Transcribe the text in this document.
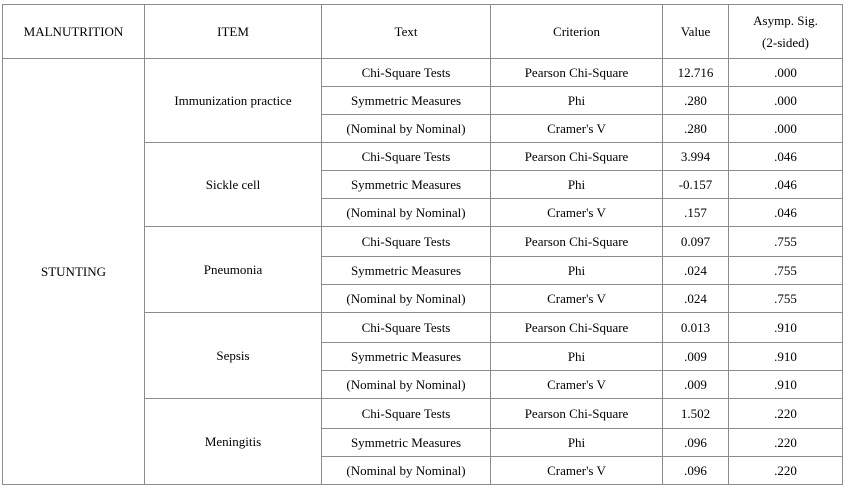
MALNUTRITION	ITEM	Text	Criterion	Value	Asymp. Sig.
(2-sided)
STUNTING	Immunization practice	Chi-Square Tests	Pearson Chi-Square	12.716	.000
		Symmetric Measures	Phi	.280	.000
		(Nominal by Nominal)	Cramer's V	.280	.000
	Sickle cell	Chi-Square Tests	Pearson Chi-Square	3.994	.046
		Symmetric Measures	Phi	-0.157	.046
		(Nominal by Nominal)	Cramer's V	.157	.046
	Pneumonia	Chi-Square Tests	Pearson Chi-Square	0.097	.755
		Symmetric Measures	Phi	.024	.755
		(Nominal by Nominal)	Cramer's V	.024	.755
	Sepsis	Chi-Square Tests	Pearson Chi-Square	0.013	.910
		Symmetric Measures	Phi	.009	.910
		(Nominal by Nominal)	Cramer's V	.009	.910
	Meningitis	Chi-Square Tests	Pearson Chi-Square	1.502	.220
		Symmetric Measures	Phi	.096	.220
		(Nominal by Nominal)	Cramer's V	.096	.220
